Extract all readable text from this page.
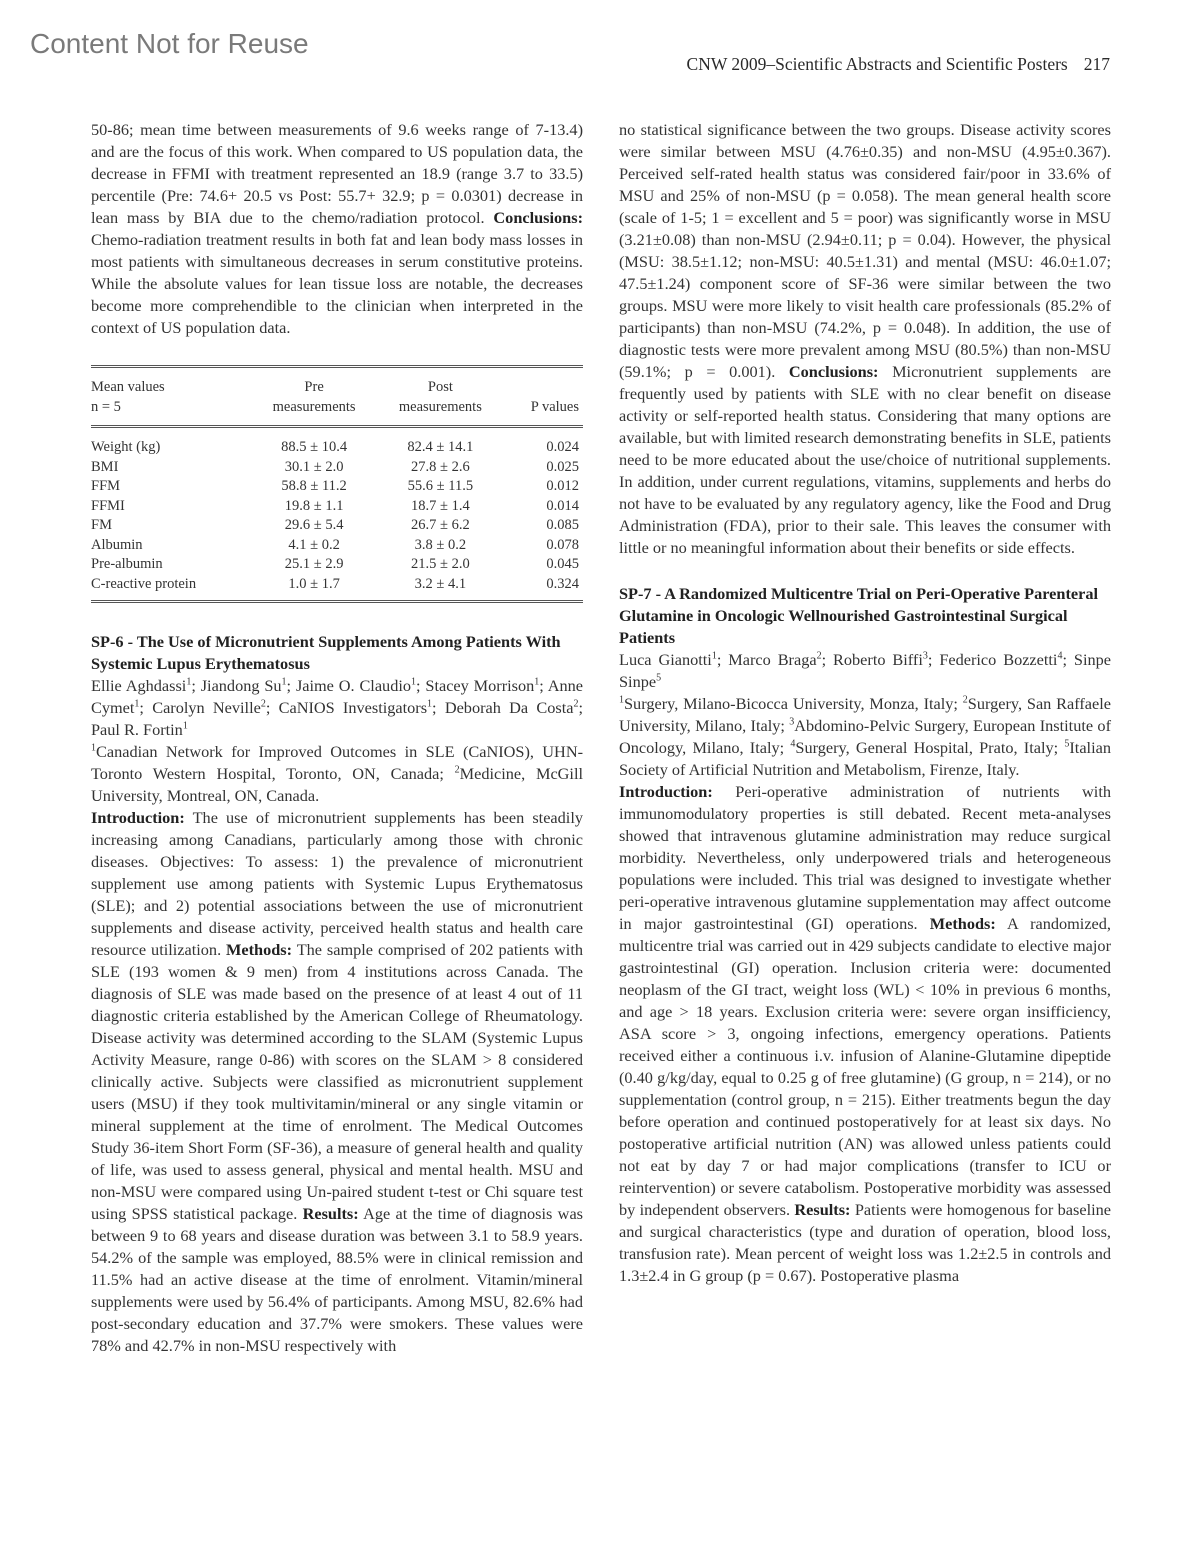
Content Not for Reuse
CNW 2009–Scientific Abstracts and Scientific Posters 217

50-86; mean time between measurements of 9.6 weeks range of 7-13.4) and are the focus of this work. When compared to US population data, the decrease in FFMI with treatment represented an 18.9 (range 3.7 to 33.5) percentile (Pre: 74.6+ 20.5 vs Post: 55.7+ 32.9; p = 0.0301) decrease in lean mass by BIA due to the chemo/radiation protocol. Conclusions: Chemo-radiation treatment results in both fat and lean body mass losses in most patients with simultaneous decreases in serum constitutive proteins. While the absolute values for lean tissue loss are notable, the decreases become more comprehendible to the clinician when interpreted in the context of US population data.

Mean values	Pre	Post	
n = 5	measurements	measurements	P values
Weight (kg)	88.5 ± 10.4	82.4 ± 14.1	0.024
BMI	30.1 ± 2.0	27.8 ± 2.6	0.025
FFM	58.8 ± 11.2	55.6 ± 11.5	0.012
FFMI	19.8 ± 1.1	18.7 ± 1.4	0.014
FM	29.6 ± 5.4	26.7 ± 6.2	0.085
Albumin	4.1 ± 0.2	3.8 ± 0.2	0.078
Pre-albumin	25.1 ± 2.9	21.5 ± 2.0	0.045
C-reactive protein	1.0 ± 1.7	3.2 ± 4.1	0.324

SP-6 - The Use of Micronutrient Supplements Among Patients With Systemic Lupus Erythematosus

Ellie Aghdassi$^1$; Jiandong Su$^1$; Jaime O. Claudio$^1$; Stacey Morrison$^1$; Anne Cymet$^1$; Carolyn Neville$^2$; CaNIOS Investigators$^1$; Deborah Da Costa$^2$; Paul R. Fortin$^1$

$^1$Canadian Network for Improved Outcomes in SLE (CaNIOS), UHN-Toronto Western Hospital, Toronto, ON, Canada; $^2$Medicine, McGill University, Montreal, ON, Canada.

Introduction: The use of micronutrient supplements has been steadily increasing among Canadians, particularly among those with chronic diseases. Objectives: To assess: 1) the prevalence of micronutrient supplement use among patients with Systemic Lupus Erythematosus (SLE); and 2) potential associations between the use of micronutrient supplements and disease activity, perceived health status and health care resource utilization. Methods: The sample comprised of 202 patients with SLE (193 women & 9 men) from 4 institutions across Canada. The diagnosis of SLE was made based on the presence of at least 4 out of 11 diagnostic criteria established by the American College of Rheumatology. Disease activity was determined according to the SLAM (Systemic Lupus Activity Measure, range 0-86) with scores on the SLAM > 8 considered clinically active. Subjects were classified as micronutrient supplement users (MSU) if they took multivitamin/mineral or any single vitamin or mineral supplement at the time of enrolment. The Medical Outcomes Study 36-item Short Form (SF-36), a measure of general health and quality of life, was used to assess general, physical and mental health. MSU and non-MSU were compared using Un-paired student t-test or Chi square test using SPSS statistical package. Results: Age at the time of diagnosis was between 9 to 68 years and disease duration was between 3.1 to 58.9 years. 54.2% of the sample was employed, 88.5% were in clinical remission and 11.5% had an active disease at the time of enrolment. Vitamin/mineral supplements were used by 56.4% of participants. Among MSU, 82.6% had post-secondary education and 37.7% were smokers. These values were 78% and 42.7% in non-MSU respectively with

no statistical significance between the two groups. Disease activity scores were similar between MSU (4.76±0.35) and non-MSU (4.95±0.367). Perceived self-rated health status was considered fair/poor in 33.6% of MSU and 25% of non-MSU (p = 0.058). The mean general health score (scale of 1-5; 1 = excellent and 5 = poor) was significantly worse in MSU (3.21±0.08) than non-MSU (2.94±0.11; p = 0.04). However, the physical (MSU: 38.5±1.12; non-MSU: 40.5±1.31) and mental (MSU: 46.0±1.07; 47.5±1.24) component score of SF-36 were similar between the two groups. MSU were more likely to visit health care professionals (85.2% of participants) than non-MSU (74.2%, p = 0.048). In addition, the use of diagnostic tests were more prevalent among MSU (80.5%) than non-MSU (59.1%; p = 0.001). Conclusions: Micronutrient supplements are frequently used by patients with SLE with no clear benefit on disease activity or self-reported health status. Considering that many options are available, but with limited research demonstrating benefits in SLE, patients need to be more educated about the use/choice of nutritional supplements. In addition, under current regulations, vitamins, supplements and herbs do not have to be evaluated by any regulatory agency, like the Food and Drug Administration (FDA), prior to their sale. This leaves the consumer with little or no meaningful information about their benefits or side effects.

SP-7 - A Randomized Multicentre Trial on Peri-Operative Parenteral Glutamine in Oncologic Wellnourished Gastrointestinal Surgical Patients

Luca Gianotti$^1$; Marco Braga$^2$; Roberto Biffi$^3$; Federico Bozzetti$^4$; Sinpe Sinpe$^5$

$^1$Surgery, Milano-Bicocca University, Monza, Italy; $^2$Surgery, San Raffaele University, Milano, Italy; $^3$Abdomino-Pelvic Surgery, European Institute of Oncology, Milano, Italy; $^4$Surgery, General Hospital, Prato, Italy; $^5$Italian Society of Artificial Nutrition and Metabolism, Firenze, Italy.

Introduction: Peri-operative administration of nutrients with immunomodulatory properties is still debated. Recent meta-analyses showed that intravenous glutamine administration may reduce surgical morbidity. Nevertheless, only underpowered trials and heterogeneous populations were included. This trial was designed to investigate whether peri-operative intravenous glutamine supplementation may affect outcome in major gastrointestinal (GI) operations. Methods: A randomized, multicentre trial was carried out in 429 subjects candidate to elective major gastrointestinal (GI) operation. Inclusion criteria were: documented neoplasm of the GI tract, weight loss (WL) < 10% in previous 6 months, and age > 18 years. Exclusion criteria were: severe organ insifficiency, ASA score > 3, ongoing infections, emergency operations. Patients received either a continuous i.v. infusion of Alanine-Glutamine dipeptide (0.40 g/kg/day, equal to 0.25 g of free glutamine) (G group, n = 214), or no supplementation (control group, n = 215). Either treatments begun the day before operation and continued postoperatively for at least six days. No postoperative artificial nutrition (AN) was allowed unless patients could not eat by day 7 or had major complications (transfer to ICU or reintervention) or severe catabolism. Postoperative morbidity was assessed by independent observers. Results: Patients were homogenous for baseline and surgical characteristics (type and duration of operation, blood loss, transfusion rate). Mean percent of weight loss was 1.2±2.5 in controls and 1.3±2.4 in G group (p = 0.67). Postoperative plasma
